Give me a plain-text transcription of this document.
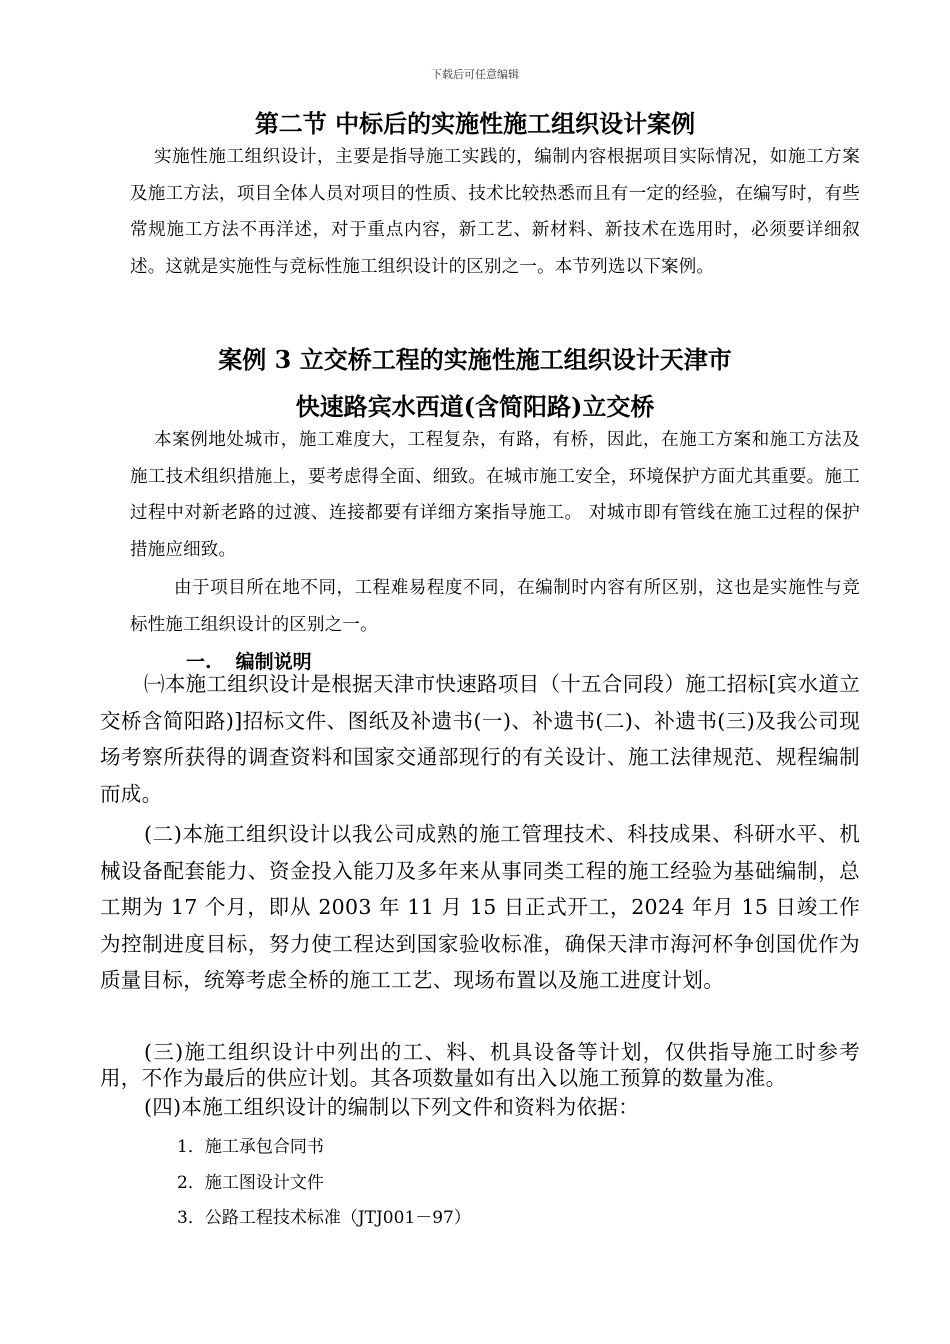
下载后可任意编辑
第二节 中标后的实施性施工组织设计案例
实施性施工组织设计，主要是指导施工实践的，编制内容根据项目实际情况，如施工方案及施工方法，项目全体人员对项目的性质、技术比较热悉而且有一定的经验，在编写时，有些常规施工方法不再洋述，对于重点内容，新工艺、新材料、新技术在选用时，必须要详细叙述。这就是实施性与竞标性施工组织设计的区别之一。本节列选以下案例。
案例 3 立交桥工程的实施性施工组织设计天津市
快速路宾水西道(含简阳路)立交桥
本案例地处城市，施工难度大，工程复杂，有路，有桥，因此，在施工方案和施工方法及施工技术组织措施上，要考虑得全面、细致。在城市施工安全，环境保护方面尤其重要。施工过程中对新老路的过渡、连接都要有详细方案指导施工。 对城市即有管线在施工过程的保护措施应细致。
由于项目所在地不同，工程难易程度不同，在编制时内容有所区别，这也是实施性与竞标性施工组织设计的区别之一。
一. 编制说明
㈠本施工组织设计是根据天津市快速路项目（十五合同段）施工招标[宾水道立交桥含简阳路)]招标文件、图纸及补遗书(一)、补遗书(二)、补遗书(三)及我公司现场考察所获得的调查资料和国家交通部现行的有关设计、施工法律规范、规程编制而成。
(二)本施工组织设计以我公司成熟的施工管理技术、科技成果、科研水平、机械设备配套能力、资金投入能刀及多年来从事同类工程的施工经验为基础编制，总工期为 17 个月，即从 2003 年 11 月 15 日正式开工，2024 年月 15 日竣工作为控制进度目标，努力使工程达到国家验收标准，确保天津市海河杯争创国优作为质量目标，统筹考虑全桥的施工工艺、现场布置以及施工进度计划。
(三)施工组织设计中列出的工、料、机具设备等计划，仅供指导施工时参考用，不作为最后的供应计划。其各项数量如有出入以施工预算的数量为准。
(四)本施工组织设计的编制以下列文件和资料为依据：
1．施工承包合同书
2．施工图设计文件
3．公路工程技术标准（JTJ001－97）
